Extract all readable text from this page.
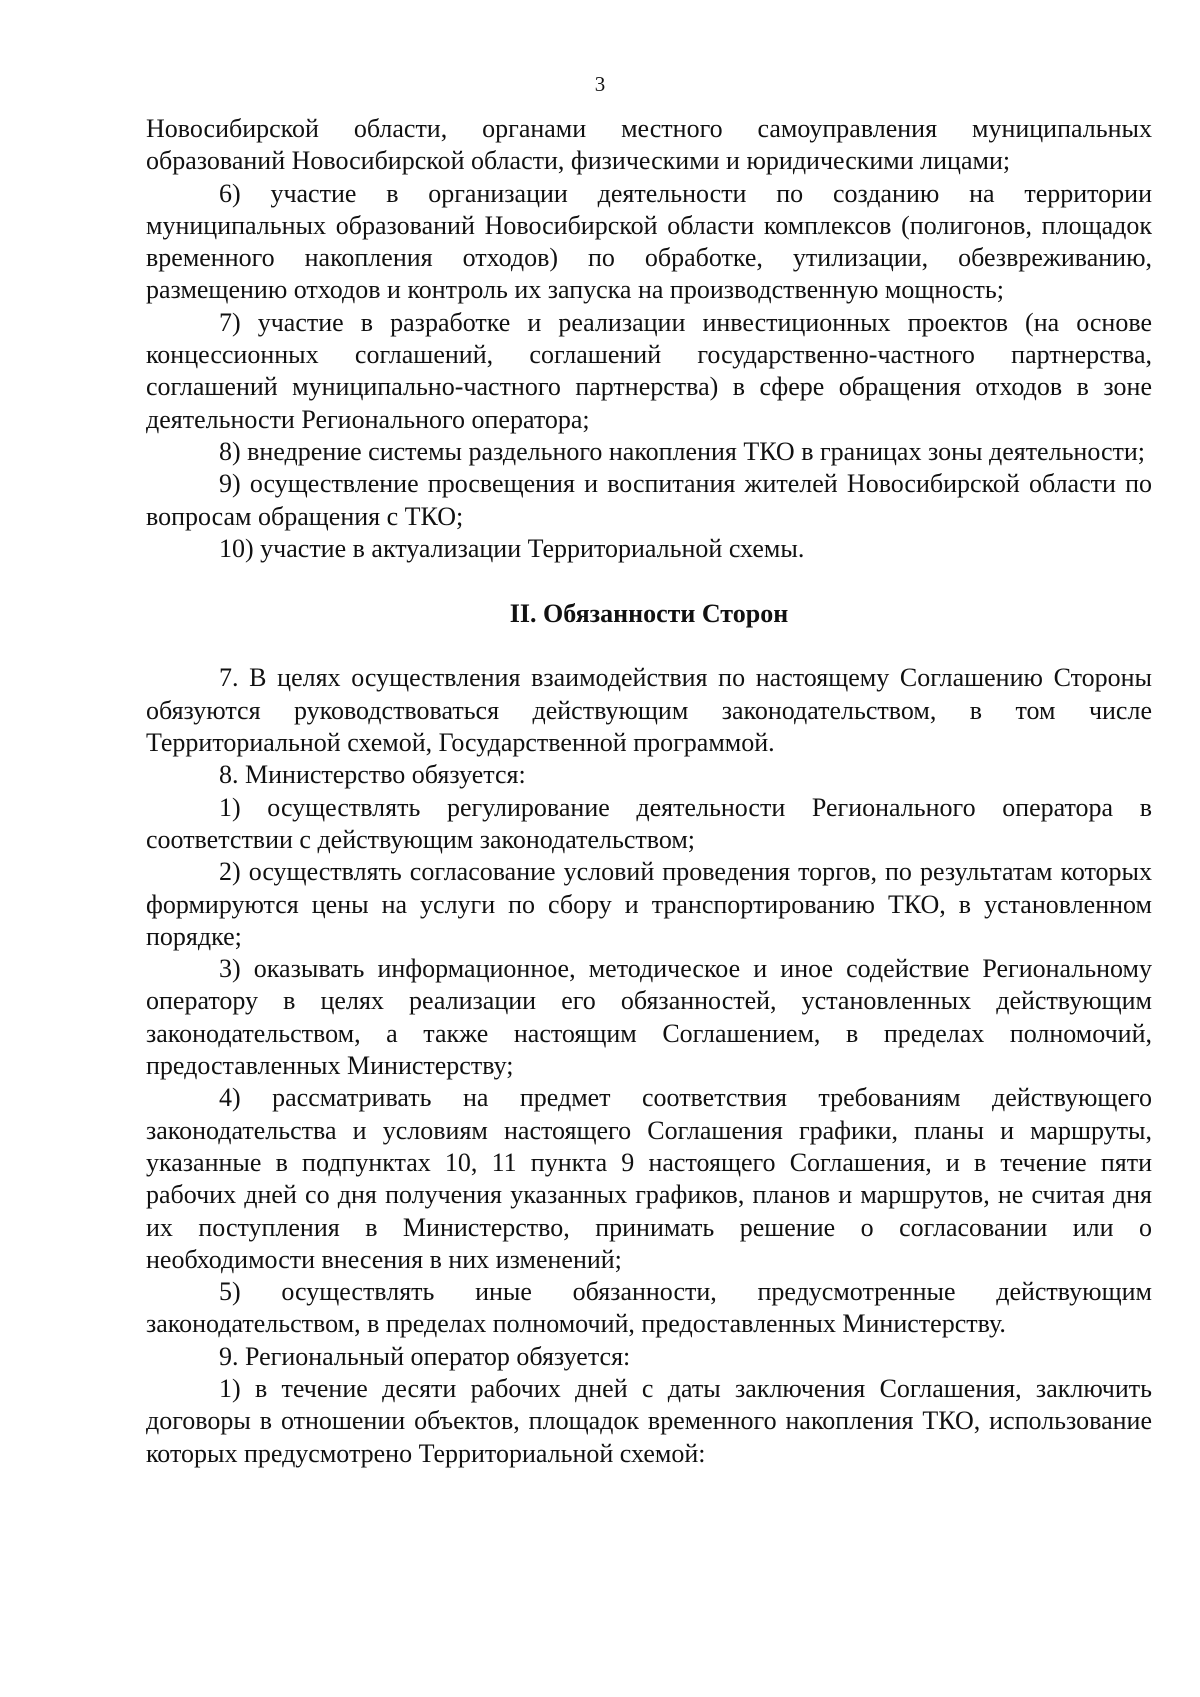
3

Новосибирской области, органами местного самоуправления муниципальных образований Новосибирской области, физическими и юридическими лицами;

6) участие в организации деятельности по созданию на территории муниципальных образований Новосибирской области комплексов (полигонов, площадок временного накопления отходов) по обработке, утилизации, обезвреживанию, размещению отходов и контроль их запуска на производственную мощность;

7) участие в разработке и реализации инвестиционных проектов (на основе концессионных соглашений, соглашений государственно-частного партнерства, соглашений муниципально-частного партнерства) в сфере обращения отходов в зоне деятельности Регионального оператора;

8) внедрение системы раздельного накопления ТКО в границах зоны деятельности;

9) осуществление просвещения и воспитания жителей Новосибирской области по вопросам обращения с ТКО;

10) участие в актуализации Территориальной схемы.

II. Обязанности Сторон

7. В целях осуществления взаимодействия по настоящему Соглашению Стороны обязуются руководствоваться действующим законодательством, в том числе Территориальной схемой, Государственной программой.

8. Министерство обязуется:

1) осуществлять регулирование деятельности Регионального оператора в соответствии с действующим законодательством;

2) осуществлять согласование условий проведения торгов, по результатам которых формируются цены на услуги по сбору и транспортированию ТКО, в установленном порядке;

3) оказывать информационное, методическое и иное содействие Региональному оператору в целях реализации его обязанностей, установленных действующим законодательством, а также настоящим Соглашением, в пределах полномочий, предоставленных Министерству;

4) рассматривать на предмет соответствия требованиям действующего законодательства и условиям настоящего Соглашения графики, планы и маршруты, указанные в подпунктах 10, 11 пункта 9 настоящего Соглашения, и в течение пяти рабочих дней со дня получения указанных графиков, планов и маршрутов, не считая дня их поступления в Министерство, принимать решение о согласовании или о необходимости внесения в них изменений;

5) осуществлять иные обязанности, предусмотренные действующим законодательством, в пределах полномочий, предоставленных Министерству.

9. Региональный оператор обязуется:

1) в течение десяти рабочих дней с даты заключения Соглашения, заключить договоры в отношении объектов, площадок временного накопления ТКО, использование которых предусмотрено Территориальной схемой:
